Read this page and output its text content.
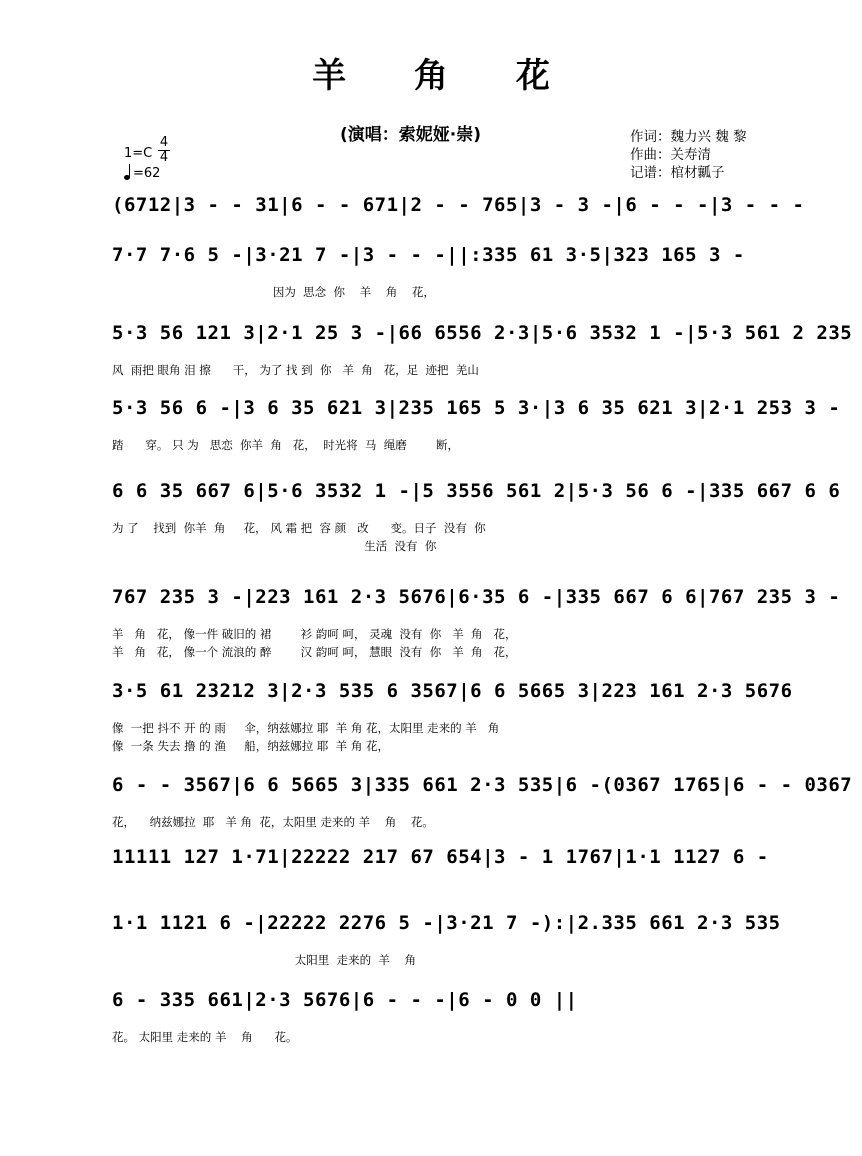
羊 角 花
(演唱：索妮娅·崇)	作词：魏力兴 魏 黎
作曲：关寿清
记谱：棺材瓤子
1=C
4
4
=62
(6712|3 - - 31|6 - - 671|2 - - 765|3 - 3 -|6 - - -|3 - - -
7·7 7·6 5 -|3·21 7 -|3 - - -||:335 61 3·5|323 165 3 -
因为  思念  你    羊    角    花，
5·3 56 121 3|2·1 25 3 -|66 6556 2·3|5·6 3532 1 -|5·3 561 2 235
风  雨把 眼角 泪 擦      干， 为了 找 到  你   羊  角   花，足  迹把  羌山
5·3 56 6 -|3 6 35 621 3|235 165 5 3·|3 6 35 621 3|2·1 253 3 -
踏      穿。 只 为   思恋  你羊  角   花，  时光将  马  绳磨        断，
6 6 35 667 6|5·6 3532 1 -|5 3556 561 2|5·3 56 6 -|335 667 6 6
为 了    找到  你羊  角     花， 风 霜 把  容 颜   改      变。日子  没有  你
生活  没有  你
767 235 3 -|223 161 2·3 5676|6·35 6 -|335 667 6 6|767 235 3 -
羊   角   花， 像一件 破旧的 裙        衫 韵呵 呵， 灵魂  没有  你   羊  角   花，
羊   角   花， 像一个 流浪的 醉        汉 韵呵 呵， 慧眼  没有  你   羊  角   花，
3·5 61 23212 3|2·3 535 6 3567|6 6 5665 3|223 161 2·3 5676
像  一把 抖不 开 的 雨     伞，纳兹娜拉 耶  羊 角 花，太阳里 走来的 羊   角
像  一条 失去 撸 的 渔     船，纳兹娜拉 耶  羊 角 花，
6 - - 3567|6 6 5665 3|335 661 2·3 535|6 -(0367 1765|6 - - 0367
花，    纳兹娜拉  耶   羊 角  花，太阳里 走来的 羊    角    花。
11111 127 1·71|22222 217 67 654|3 - 1 1767|1·1 1127 6 -
1·1 1121 6 -|22222 2276 5 -|3·21 7 -):|2.335 661 2·3 535
太阳里  走来的  羊    角
6 - 335 661|2·3 5676|6 - - -|6 - 0 0 ||
花。 太阳里 走来的 羊    角      花。
